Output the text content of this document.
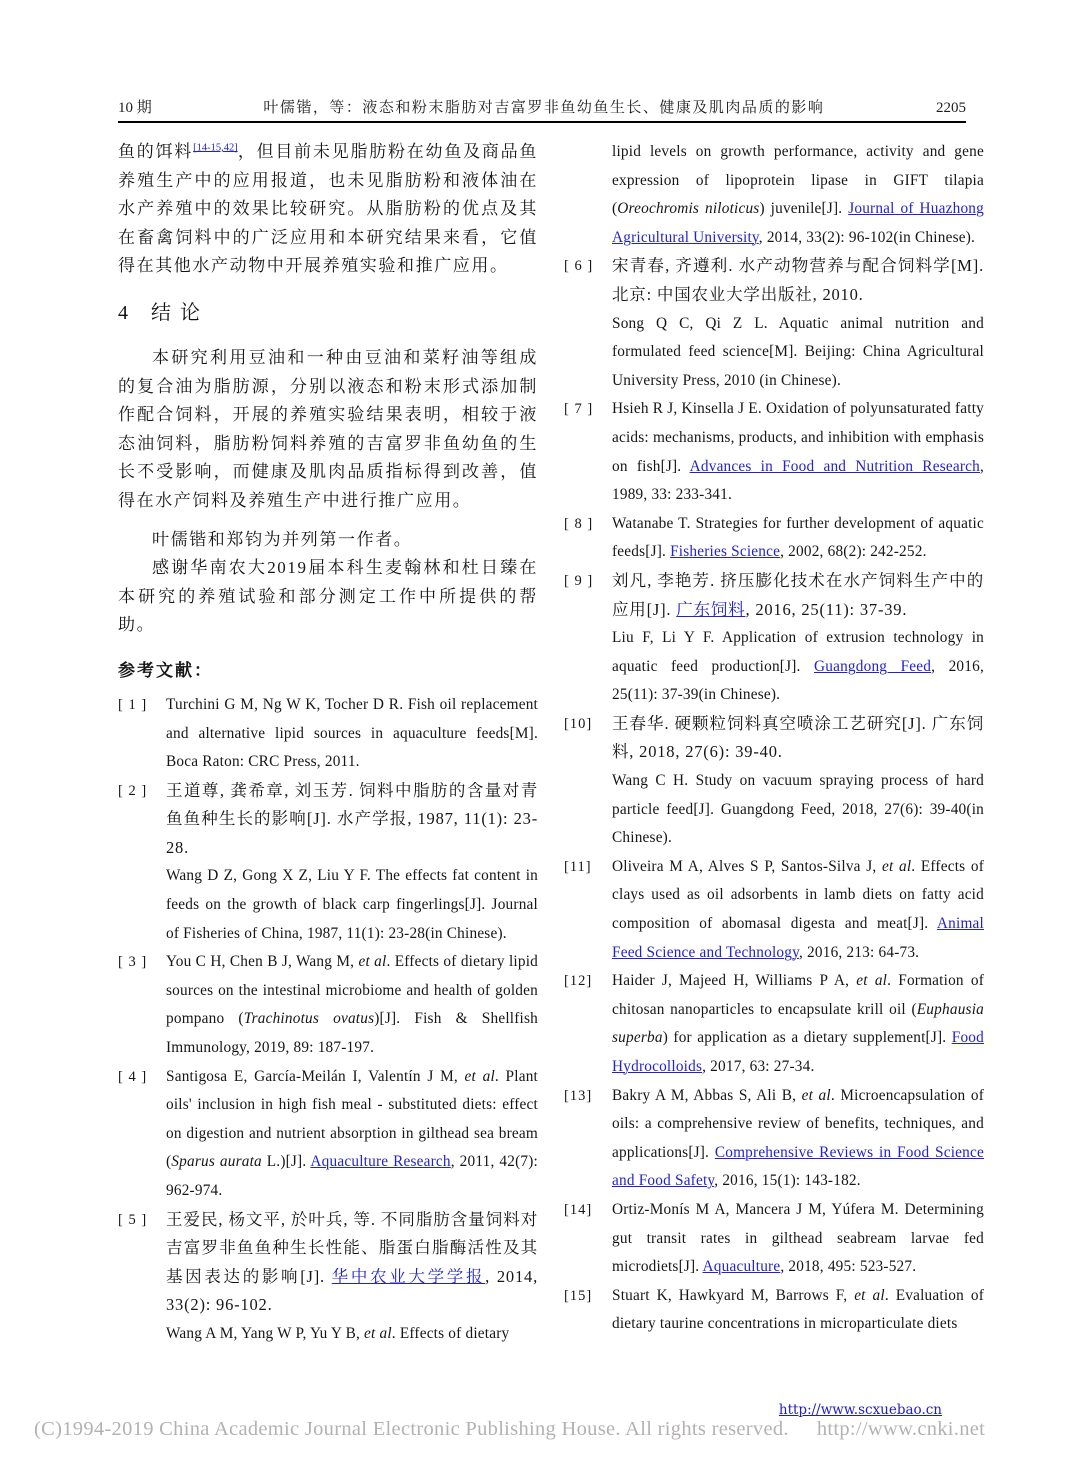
10 期	叶儒锴，等：液态和粉末脂肪对吉富罗非鱼幼鱼生长、健康及肌肉品质的影响	2205

鱼的饵料[14-15,42]，但目前未见脂肪粉在幼鱼及商品鱼养殖生产中的应用报道，也未见脂肪粉和液体油在水产养殖中的效果比较研究。从脂肪粉的优点及其在畜禽饲料中的广泛应用和本研究结果来看，它值得在其他水产动物中开展养殖实验和推广应用。

4 结论

本研究利用豆油和一种由豆油和菜籽油等组成的复合油为脂肪源，分别以液态和粉末形式添加制作配合饲料，开展的养殖实验结果表明，相较于液态油饲料，脂肪粉饲料养殖的吉富罗非鱼幼鱼的生长不受影响，而健康及肌肉品质指标得到改善，值得在水产饲料及养殖生产中进行推广应用。

叶儒锴和郑钧为并列第一作者。

感谢华南农大2019届本科生麦翰林和杜日臻在本研究的养殖试验和部分测定工作中所提供的帮助。

参考文献：
[ 1 ]	Turchini G M, Ng W K, Tocher D R. Fish oil replacement and alternative lipid sources in aquaculture feeds[M]. Boca Raton: CRC Press, 2011.
[ 2 ]	王道尊, 龚希章, 刘玉芳. 饲料中脂肪的含量对青鱼鱼种生长的影响[J]. 水产学报, 1987, 11(1): 23-28.
Wang D Z, Gong X Z, Liu Y F. The effects fat content in feeds on the growth of black carp fingerlings[J]. Journal of Fisheries of China, 1987, 11(1): 23-28(in Chinese).
[ 3 ]	You C H, Chen B J, Wang M, et al. Effects of dietary lipid sources on the intestinal microbiome and health of golden pompano (Trachinotus ovatus)[J]. Fish & Shellfish Immunology, 2019, 89: 187-197.
[ 4 ]	Santigosa E, García-Meilán I, Valentín J M, et al. Plant oils' inclusion in high fish meal - substituted diets: effect on digestion and nutrient absorption in gilthead sea bream (Sparus aurata L.)[J]. Aquaculture Research, 2011, 42(7): 962-974.
[ 5 ]	王爱民, 杨文平, 於叶兵, 等. 不同脂肪含量饲料对吉富罗非鱼鱼种生长性能、脂蛋白脂酶活性及其基因表达的影响[J]. 华中农业大学学报, 2014, 33(2): 96-102.
Wang A M, Yang W P, Yu Y B, et al. Effects of dietary
lipid levels on growth performance, activity and gene expression of lipoprotein lipase in GIFT tilapia (Oreochromis niloticus) juvenile[J]. Journal of Huazhong Agricultural University, 2014, 33(2): 96-102(in Chinese).
[ 6 ]	宋青春, 齐遵利. 水产动物营养与配合饲料学[M]. 北京: 中国农业大学出版社, 2010.
Song Q C, Qi Z L. Aquatic animal nutrition and formulated feed science[M]. Beijing: China Agricultural University Press, 2010 (in Chinese).
[ 7 ]	Hsieh R J, Kinsella J E. Oxidation of polyunsaturated fatty acids: mechanisms, products, and inhibition with emphasis on fish[J]. Advances in Food and Nutrition Research, 1989, 33: 233-341.
[ 8 ]	Watanabe T. Strategies for further development of aquatic feeds[J]. Fisheries Science, 2002, 68(2): 242-252.
[ 9 ]	刘凡, 李艳芳. 挤压膨化技术在水产饲料生产中的应用[J]. 广东饲料, 2016, 25(11): 37-39.
Liu F, Li Y F. Application of extrusion technology in aquatic feed production[J]. Guangdong Feed, 2016, 25(11): 37-39(in Chinese).
[10]	王春华. 硬颗粒饲料真空喷涂工艺研究[J]. 广东饲料, 2018, 27(6): 39-40.
Wang C H. Study on vacuum spraying process of hard particle feed[J]. Guangdong Feed, 2018, 27(6): 39-40(in Chinese).
[11]	Oliveira M A, Alves S P, Santos-Silva J, et al. Effects of clays used as oil adsorbents in lamb diets on fatty acid composition of abomasal digesta and meat[J]. Animal Feed Science and Technology, 2016, 213: 64-73.
[12]	Haider J, Majeed H, Williams P A, et al. Formation of chitosan nanoparticles to encapsulate krill oil (Euphausia superba) for application as a dietary supplement[J]. Food Hydrocolloids, 2017, 63: 27-34.
[13]	Bakry A M, Abbas S, Ali B, et al. Microencapsulation of oils: a comprehensive review of benefits, techniques, and applications[J]. Comprehensive Reviews in Food Science and Food Safety, 2016, 15(1): 143-182.
[14]	Ortiz-Monís M A, Mancera J M, Yúfera M. Determining gut transit rates in gilthead seabream larvae fed microdiets[J]. Aquaculture, 2018, 495: 523-527.
[15]	Stuart K, Hawkyard M, Barrows F, et al. Evaluation of dietary taurine concentrations in microparticulate diets
http://www.scxuebao.cn
(C)1994-2019 China Academic Journal Electronic Publishing House. All rights reserved. http://www.cnki.net
